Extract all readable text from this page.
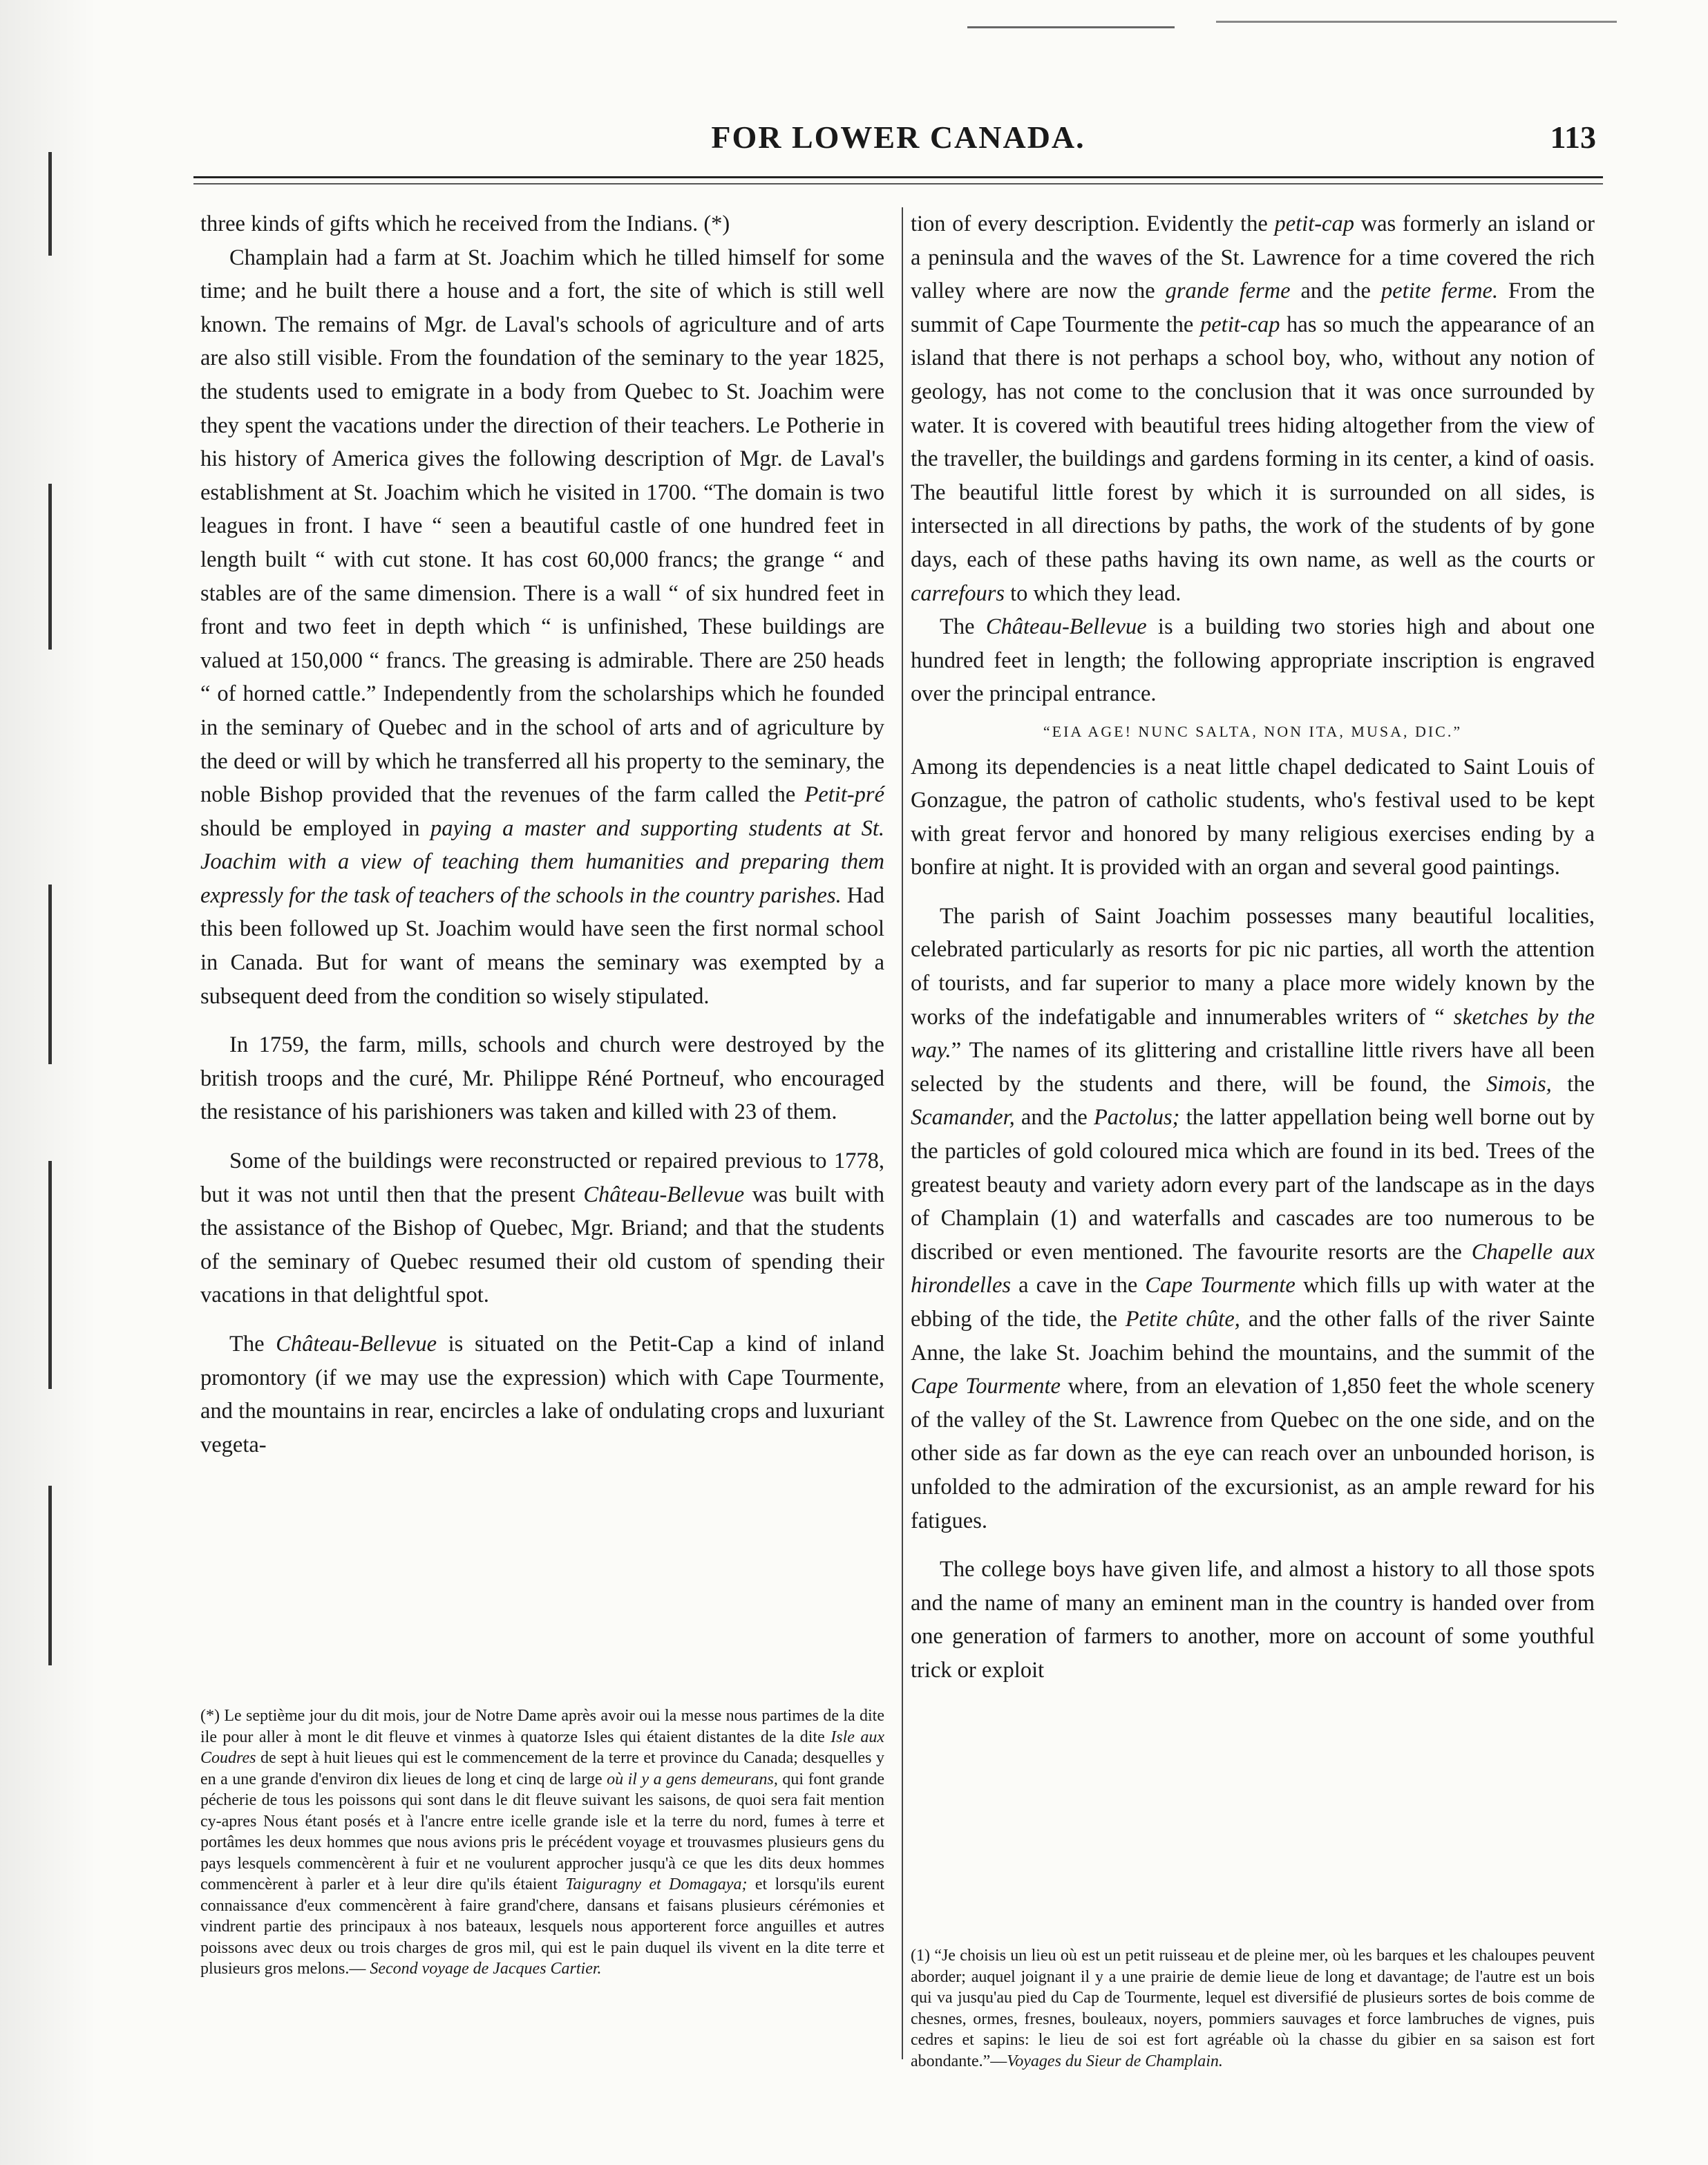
FOR LOWER CANADA.	113

three kinds of gifts which he received from the Indians. (*)

Champlain had a farm at St. Joachim which he tilled himself for some time; and he built there a house and a fort, the site of which is still well known. The remains of Mgr. de Laval's schools of agriculture and of arts are also still visible. From the foundation of the seminary to the year 1825, the students used to emigrate in a body from Quebec to St. Joachim were they spent the vacations under the direction of their teachers. Le Potherie in his history of America gives the following description of Mgr. de Laval's establishment at St. Joachim which he visited in 1700. “The domain is two leagues in front. I have “ seen a beautiful castle of one hundred feet in length built “ with cut stone. It has cost 60,000 francs; the grange “ and stables are of the same dimension. There is a wall “ of six hundred feet in front and two feet in depth which “ is unfinished, These buildings are valued at 150,000 “ francs. The greasing is admirable. There are 250 heads “ of horned cattle.” Independently from the scholarships which he founded in the seminary of Quebec and in the school of arts and of agriculture by the deed or will by which he transferred all his property to the seminary, the noble Bishop provided that the revenues of the farm called the Petit-pré should be employed in paying a master and supporting students at St. Joachim with a view of teaching them humanities and preparing them expressly for the task of teachers of the schools in the country parishes. Had this been followed up St. Joachim would have seen the first normal school in Canada. But for want of means the seminary was exempted by a subsequent deed from the condition so wisely stipulated.

In 1759, the farm, mills, schools and church were destroyed by the british troops and the curé, Mr. Philippe Réné Portneuf, who encouraged the resistance of his parishioners was taken and killed with 23 of them.

Some of the buildings were reconstructed or repaired previous to 1778, but it was not until then that the present Château-Bellevue was built with the assistance of the Bishop of Quebec, Mgr. Briand; and that the students of the seminary of Quebec resumed their old custom of spending their vacations in that delightful spot.

The Château-Bellevue is situated on the Petit-Cap a kind of inland promontory (if we may use the expression) which with Cape Tourmente, and the mountains in rear, encircles a lake of ondulating crops and luxuriant vegeta-

tion of every description. Evidently the petit-cap was formerly an island or a peninsula and the waves of the St. Lawrence for a time covered the rich valley where are now the grande ferme and the petite ferme. From the summit of Cape Tourmente the petit-cap has so much the appearance of an island that there is not perhaps a school boy, who, without any notion of geology, has not come to the conclusion that it was once surrounded by water. It is covered with beautiful trees hiding altogether from the view of the traveller, the buildings and gardens forming in its center, a kind of oasis. The beautiful little forest by which it is surrounded on all sides, is intersected in all directions by paths, the work of the students of by gone days, each of these paths having its own name, as well as the courts or carrefours to which they lead.

The Château-Bellevue is a building two stories high and about one hundred feet in length; the following appropriate inscription is engraved over the principal entrance.

“EIA AGE! NUNC SALTA, NON ITA, MUSA, DIC.”

Among its dependencies is a neat little chapel dedicated to Saint Louis of Gonzague, the patron of catholic students, who's festival used to be kept with great fervor and honored by many religious exercises ending by a bonfire at night. It is provided with an organ and several good paintings.

The parish of Saint Joachim possesses many beautiful localities, celebrated particularly as resorts for pic nic parties, all worth the attention of tourists, and far superior to many a place more widely known by the works of the indefatigable and innumerables writers of “ sketches by the way.” The names of its glittering and cristalline little rivers have all been selected by the students and there, will be found, the Simois, the Scamander, and the Pactolus; the latter appellation being well borne out by the particles of gold coloured mica which are found in its bed. Trees of the greatest beauty and variety adorn every part of the landscape as in the days of Champlain (1) and waterfalls and cascades are too numerous to be discribed or even mentioned. The favourite resorts are the Chapelle aux hirondelles a cave in the Cape Tourmente which fills up with water at the ebbing of the tide, the Petite chûte, and the other falls of the river Sainte Anne, the lake St. Joachim behind the mountains, and the summit of the Cape Tourmente where, from an elevation of 1,850 feet the whole scenery of the valley of the St. Lawrence from Quebec on the one side, and on the other side as far down as the eye can reach over an unbounded horison, is unfolded to the admiration of the excursionist, as an ample reward for his fatigues.

The college boys have given life, and almost a history to all those spots and the name of many an eminent man in the country is handed over from one generation of farmers to another, more on account of some youthful trick or exploit

(*) Le septième jour du dit mois, jour de Notre Dame après avoir oui la messe nous partimes de la dite ile pour aller à mont le dit fleuve et vinmes à quatorze Isles qui étaient distantes de la dite Isle aux Coudres de sept à huit lieues qui est le commencement de la terre et province du Canada; desquelles y en a une grande d'environ dix lieues de long et cinq de large où il y a gens demeurans, qui font grande pécherie de tous les poissons qui sont dans le dit fleuve suivant les saisons, de quoi sera fait mention cy-apres Nous étant posés et à l'ancre entre icelle grande isle et la terre du nord, fumes à terre et portâmes les deux hommes que nous avions pris le précédent voyage et trouvasmes plusieurs gens du pays lesquels commencèrent à fuir et ne voulurent approcher jusqu'à ce que les dits deux hommes commencèrent à parler et à leur dire qu'ils étaient Taiguragny et Domagaya; et lorsqu'ils eurent connaissance d'eux commencèrent à faire grand'chere, dansans et faisans plusieurs cérémonies et vindrent partie des principaux à nos bateaux, lesquels nous apporterent force anguilles et autres poissons avec deux ou trois charges de gros mil, qui est le pain duquel ils vivent en la dite terre et plusieurs gros melons.— Second voyage de Jacques Cartier.

(1) “Je choisis un lieu où est un petit ruisseau et de pleine mer, où les barques et les chaloupes peuvent aborder; auquel joignant il y a une prairie de demie lieue de long et davantage; de l'autre est un bois qui va jusqu'au pied du Cap de Tourmente, lequel est diversifié de plusieurs sortes de bois comme de chesnes, ormes, fresnes, bouleaux, noyers, pommiers sauvages et force lambruches de vignes, puis cedres et sapins: le lieu de soi est fort agréable où la chasse du gibier en sa saison est fort abondante.”—Voyages du Sieur de Champlain.
